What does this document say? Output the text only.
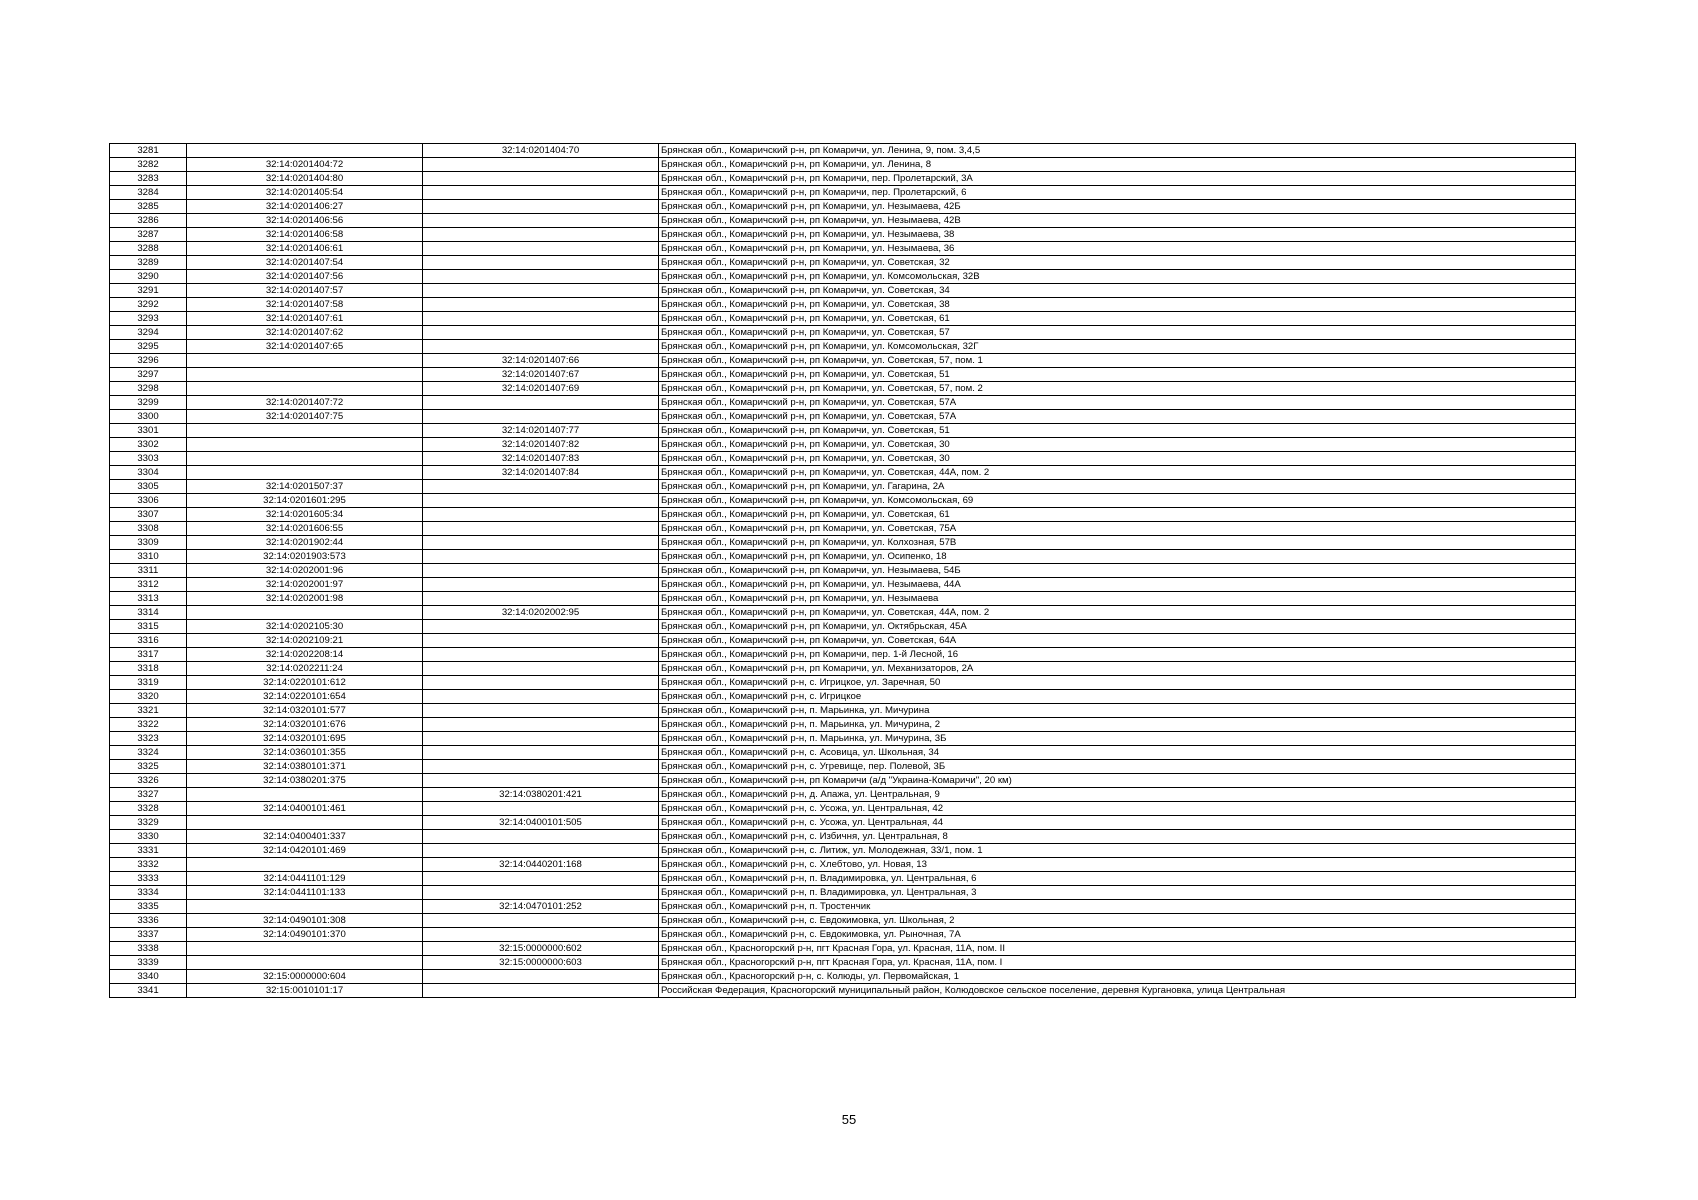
3281		32:14:0201404:70	Брянская обл., Комаричский р-н, рп Комаричи, ул. Ленина, 9, пом. 3,4,5
3282	32:14:0201404:72		Брянская обл., Комаричский р-н, рп Комаричи, ул. Ленина, 8
3283	32:14:0201404:80		Брянская обл., Комаричский р-н, рп Комаричи, пер. Пролетарский, 3А
3284	32:14:0201405:54		Брянская обл., Комаричский р-н, рп Комаричи, пер. Пролетарский, 6
3285	32:14:0201406:27		Брянская обл., Комаричский р-н, рп Комаричи, ул. Незымаева, 42Б
3286	32:14:0201406:56		Брянская обл., Комаричский р-н, рп Комаричи, ул. Незымаева, 42В
3287	32:14:0201406:58		Брянская обл., Комаричский р-н, рп Комаричи, ул. Незымаева, 38
3288	32:14:0201406:61		Брянская обл., Комаричский р-н, рп Комаричи, ул. Незымаева, 36
3289	32:14:0201407:54		Брянская обл., Комаричский р-н, рп Комаричи, ул. Советская, 32
3290	32:14:0201407:56		Брянская обл., Комаричский р-н, рп Комаричи, ул. Комсомольская, 32В
3291	32:14:0201407:57		Брянская обл., Комаричский р-н, рп Комаричи, ул. Советская, 34
3292	32:14:0201407:58		Брянская обл., Комаричский р-н, рп Комаричи, ул. Советская, 38
3293	32:14:0201407:61		Брянская обл., Комаричский р-н, рп Комаричи, ул. Советская, 61
3294	32:14:0201407:62		Брянская обл., Комаричский р-н, рп Комаричи, ул. Советская, 57
3295	32:14:0201407:65		Брянская обл., Комаричский р-н, рп Комаричи, ул. Комсомольская, 32Г
3296		32:14:0201407:66	Брянская обл., Комаричский р-н, рп Комаричи, ул. Советская, 57, пом. 1
3297		32:14:0201407:67	Брянская обл., Комаричский р-н, рп Комаричи, ул. Советская, 51
3298		32:14:0201407:69	Брянская обл., Комаричский р-н, рп Комаричи, ул. Советская, 57, пом. 2
3299	32:14:0201407:72		Брянская обл., Комаричский р-н, рп Комаричи, ул. Советская, 57А
3300	32:14:0201407:75		Брянская обл., Комаричский р-н, рп Комаричи, ул. Советская, 57А
3301		32:14:0201407:77	Брянская обл., Комаричский р-н, рп Комаричи, ул. Советская, 51
3302		32:14:0201407:82	Брянская обл., Комаричский р-н, рп Комаричи, ул. Советская, 30
3303		32:14:0201407:83	Брянская обл., Комаричский р-н, рп Комаричи, ул. Советская, 30
3304		32:14:0201407:84	Брянская обл., Комаричский р-н, рп Комаричи, ул. Советская, 44А, пом. 2
3305	32:14:0201507:37		Брянская обл., Комаричский р-н, рп Комаричи, ул. Гагарина, 2А
3306	32:14:0201601:295		Брянская обл., Комаричский р-н, рп Комаричи, ул. Комсомольская, 69
3307	32:14:0201605:34		Брянская обл., Комаричский р-н, рп Комаричи, ул. Советская, 61
3308	32:14:0201606:55		Брянская обл., Комаричский р-н, рп Комаричи, ул. Советская, 75А
3309	32:14:0201902:44		Брянская обл., Комаричский р-н, рп Комаричи, ул. Колхозная, 57В
3310	32:14:0201903:573		Брянская обл., Комаричский р-н, рп Комаричи, ул. Осипенко, 18
3311	32:14:0202001:96		Брянская обл., Комаричский р-н, рп Комаричи, ул. Незымаева, 54Б
3312	32:14:0202001:97		Брянская обл., Комаричский р-н, рп Комаричи, ул. Незымаева, 44А
3313	32:14:0202001:98		Брянская обл., Комаричский р-н, рп Комаричи, ул. Незымаева
3314		32:14:0202002:95	Брянская обл., Комаричский р-н, рп Комаричи, ул. Советская, 44А, пом. 2
3315	32:14:0202105:30		Брянская обл., Комаричский р-н, рп Комаричи, ул. Октябрьская, 45А
3316	32:14:0202109:21		Брянская обл., Комаричский р-н, рп Комаричи, ул. Советская, 64А
3317	32:14:0202208:14		Брянская обл., Комаричский р-н, рп Комаричи, пер. 1-й Лесной, 16
3318	32:14:0202211:24		Брянская обл., Комаричский р-н, рп Комаричи, ул. Механизаторов, 2А
3319	32:14:0220101:612		Брянская обл., Комаричский р-н, с. Игрицкое, ул. Заречная, 50
3320	32:14:0220101:654		Брянская обл., Комаричский р-н, с. Игрицкое
3321	32:14:0320101:577		Брянская обл., Комаричский р-н, п. Марьинка, ул. Мичурина
3322	32:14:0320101:676		Брянская обл., Комаричский р-н, п. Марьинка, ул. Мичурина, 2
3323	32:14:0320101:695		Брянская обл., Комаричский р-н, п. Марьинка, ул. Мичурина, 3Б
3324	32:14:0360101:355		Брянская обл., Комаричский р-н, с. Асовица, ул. Школьная, 34
3325	32:14:0380101:371		Брянская обл., Комаричский р-н, с. Угревище, пер. Полевой, 3Б
3326	32:14:0380201:375		Брянская обл., Комаричский р-н, рп Комаричи (а/д "Украина-Комаричи", 20 км)
3327		32:14:0380201:421	Брянская обл., Комаричский р-н, д. Апажа, ул. Центральная, 9
3328	32:14:0400101:461		Брянская обл., Комаричский р-н, с. Усожа, ул. Центральная, 42
3329		32:14:0400101:505	Брянская обл., Комаричский р-н, с. Усожа, ул. Центральная, 44
3330	32:14:0400401:337		Брянская обл., Комаричский р-н, с. Избичня, ул. Центральная, 8
3331	32:14:0420101:469		Брянская обл., Комаричский р-н, с. Литиж, ул. Молодежная, 33/1, пом. 1
3332		32:14:0440201:168	Брянская обл., Комаричский р-н, с. Хлебтово, ул. Новая, 13
3333	32:14:0441101:129		Брянская обл., Комаричский р-н, п. Владимировка, ул. Центральная, 6
3334	32:14:0441101:133		Брянская обл., Комаричский р-н, п. Владимировка, ул. Центральная, 3
3335		32:14:0470101:252	Брянская обл., Комаричский р-н, п. Тростенчик
3336	32:14:0490101:308		Брянская обл., Комаричский р-н, с. Евдокимовка, ул. Школьная, 2
3337	32:14:0490101:370		Брянская обл., Комаричский р-н, с. Евдокимовка, ул. Рыночная, 7А
3338		32:15:0000000:602	Брянская обл., Красногорский р-н, пгт Красная Гора, ул. Красная, 11А, пом. II
3339		32:15:0000000:603	Брянская обл., Красногорский р-н, пгт Красная Гора, ул. Красная, 11А, пом. I
3340	32:15:0000000:604		Брянская обл., Красногорский р-н, с. Колюды, ул. Первомайская, 1
3341	32:15:0010101:17		Российская Федерация, Красногорский муниципальный район, Колюдовское сельское поселение, деревня Кургановка, улица Центральная
55
